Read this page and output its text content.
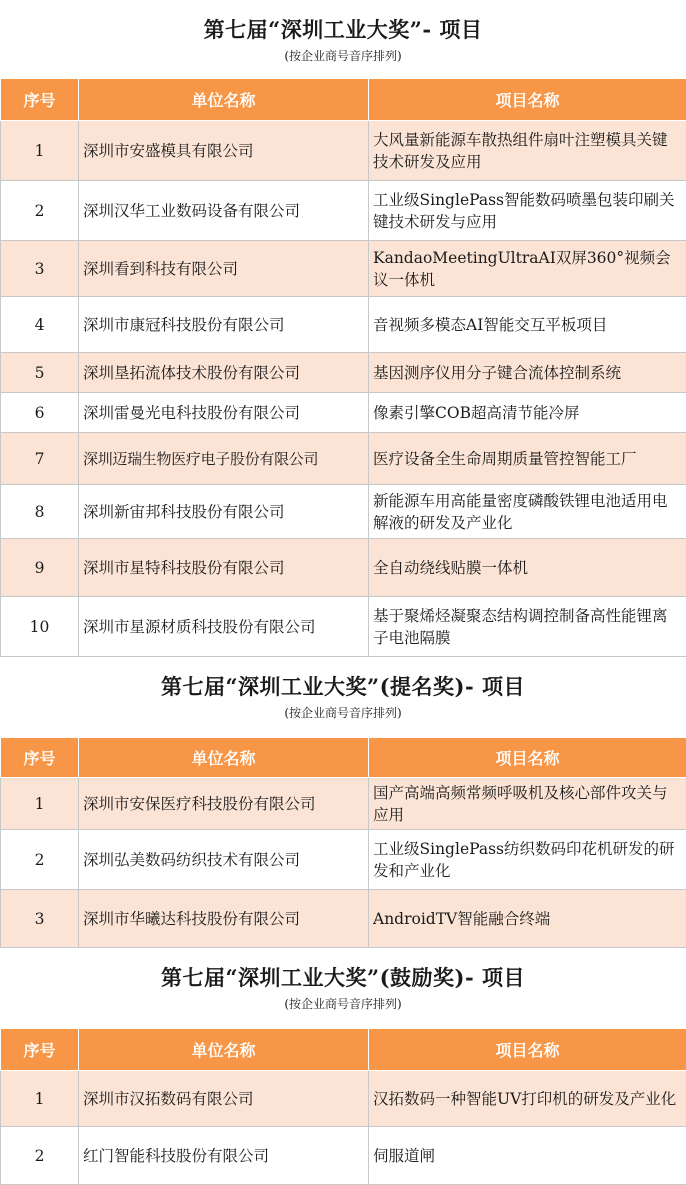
第七届“深圳工业大奖”- 项目

(按企业商号音序排列)

序号	单位名称	项目名称
1	深圳市安盛模具有限公司	大风量新能源车散热组件扇叶注塑模具关键技术研发及应用
2	深圳汉华工业数码设备有限公司	工业级SinglePass智能数码喷墨包装印刷关键技术研发与应用
3	深圳看到科技有限公司	KandaoMeetingUltraAI双屏360°视频会议一体机
4	深圳市康冠科技股份有限公司	音视频多模态AI智能交互平板项目
5	深圳垦拓流体技术股份有限公司	基因测序仪用分子键合流体控制系统
6	深圳雷曼光电科技股份有限公司	像素引擎COB超高清节能冷屏
7	深圳迈瑞生物医疗电子股份有限公司	医疗设备全生命周期质量管控智能工厂
8	深圳新宙邦科技股份有限公司	新能源车用高能量密度磷酸铁锂电池适用电解液的研发及产业化
9	深圳市星特科技股份有限公司	全自动绕线贴膜一体机
10	深圳市星源材质科技股份有限公司	基于聚烯烃凝聚态结构调控制备高性能锂离子电池隔膜

第七届“深圳工业大奖”(提名奖)- 项目

(按企业商号音序排列)

序号	单位名称	项目名称
1	深圳市安保医疗科技股份有限公司	国产高端高频常频呼吸机及核心部件攻关与应用
2	深圳弘美数码纺织技术有限公司	工业级SinglePass纺织数码印花机研发的研发和产业化
3	深圳市华曦达科技股份有限公司	AndroidTV智能融合终端

第七届“深圳工业大奖”(鼓励奖)- 项目

(按企业商号音序排列)

序号	单位名称	项目名称
1	深圳市汉拓数码有限公司	汉拓数码一种智能UV打印机的研发及产业化
2	红门智能科技股份有限公司	伺服道闸
